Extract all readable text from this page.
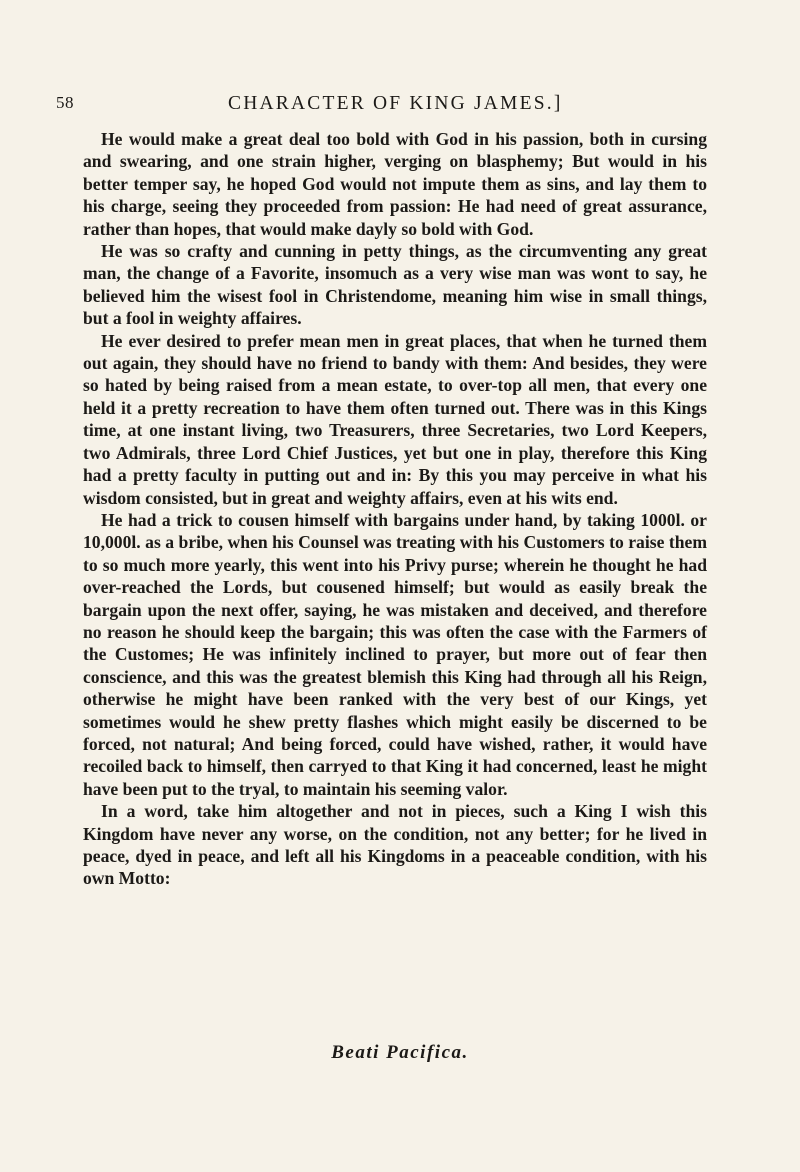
58	CHARACTER OF KING JAMES.]

He would make a great deal too bold with God in his passion, both in cursing and swearing, and one strain higher, verging on blasphemy; But would in his better temper say, he hoped God would not impute them as sins, and lay them to his charge, seeing they proceeded from passion: He had need of great assurance, rather than hopes, that would make dayly so bold with God.

He was so crafty and cunning in petty things, as the circumventing any great man, the change of a Favorite, insomuch as a very wise man was wont to say, he believed him the wisest fool in Christendome, meaning him wise in small things, but a fool in weighty affaires.

He ever desired to prefer mean men in great places, that when he turned them out again, they should have no friend to bandy with them: And besides, they were so hated by being raised from a mean estate, to over-top all men, that every one held it a pretty recreation to have them often turned out. There was in this Kings time, at one instant living, two Treasurers, three Secretaries, two Lord Keepers, two Admirals, three Lord Chief Justices, yet but one in play, therefore this King had a pretty faculty in putting out and in: By this you may perceive in what his wisdom consisted, but in great and weighty affairs, even at his wits end.

He had a trick to cousen himself with bargains under hand, by taking 1000l. or 10,000l. as a bribe, when his Counsel was treating with his Customers to raise them to so much more yearly, this went into his Privy purse; wherein he thought he had over-reached the Lords, but cousened himself; but would as easily break the bargain upon the next offer, saying, he was mistaken and deceived, and therefore no reason he should keep the bargain; this was often the case with the Farmers of the Customes; He was infinitely inclined to prayer, but more out of fear then conscience, and this was the greatest blemish this King had through all his Reign, otherwise he might have been ranked with the very best of our Kings, yet sometimes would he shew pretty flashes which might easily be discerned to be forced, not natural; And being forced, could have wished, rather, it would have recoiled back to himself, then carryed to that King it had concerned, least he might have been put to the tryal, to maintain his seeming valor.

In a word, take him altogether and not in pieces, such a King I wish this Kingdom have never any worse, on the condition, not any better; for he lived in peace, dyed in peace, and left all his Kingdoms in a peaceable condition, with his own Motto:

Beati Pacifica.
